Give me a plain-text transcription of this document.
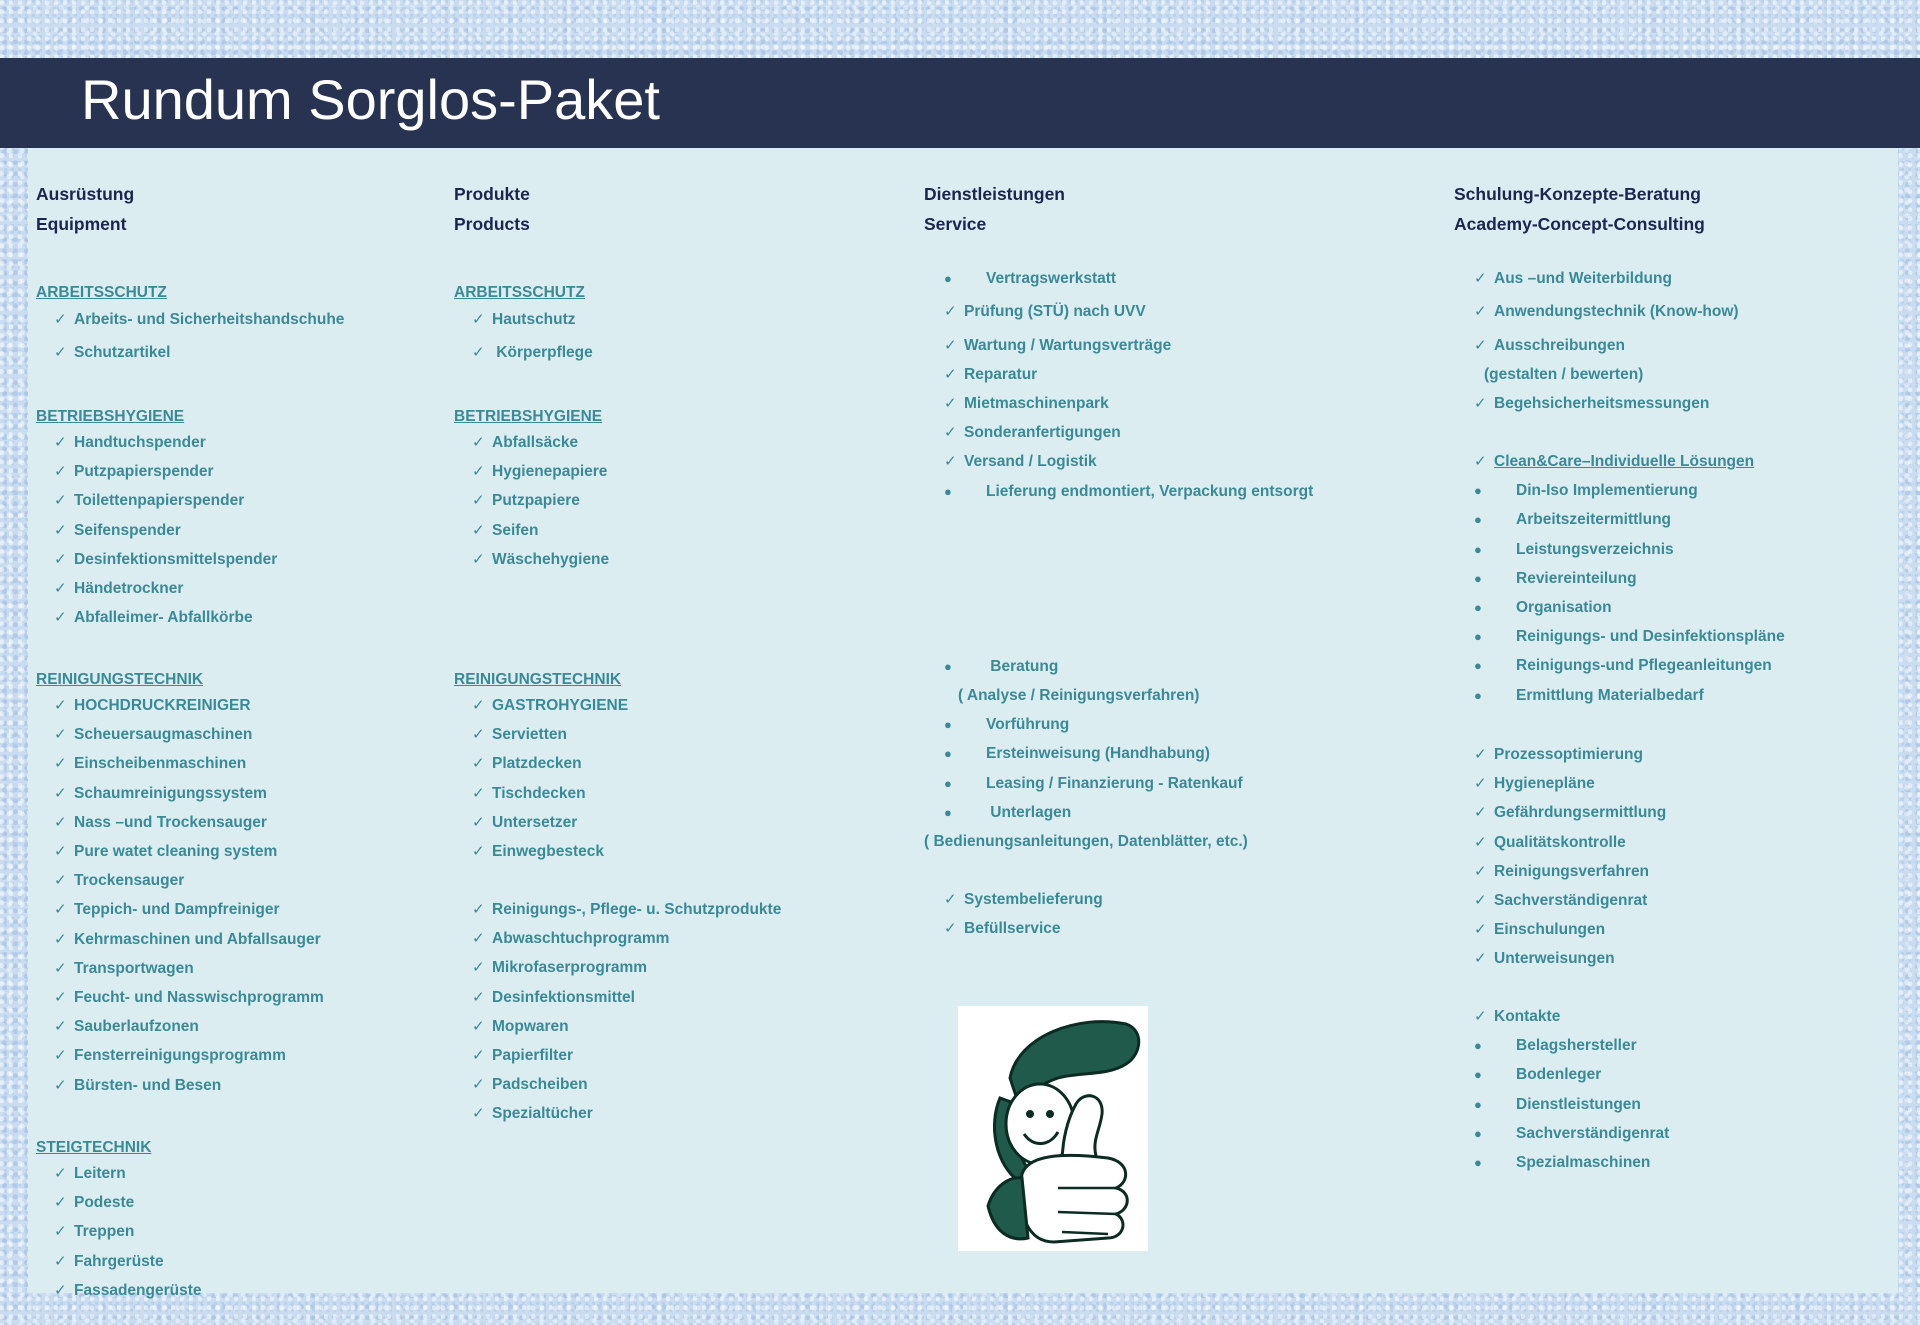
Rundum Sorglos-Paket
Ausrüstung
Equipment
Produkte
Products
Dienstleistungen
Service
Schulung-Konzepte-Beratung
Academy-Concept-Consulting
ARBEITSSCHUTZ
✓ Arbeits- und Sicherheitshandschuhe
✓ Schutzartikel
BETRIEBSHYGIENE
✓ Handtuchspender
✓ Putzpapierspender
✓ Toilettenpapierspender
✓ Seifenspender
✓ Desinfektionsmittelspender
✓ Händetrockner
✓ Abfalleimer- Abfallkörbe
REINIGUNGSTECHNIK
✓ HOCHDRUCKREINIGER
✓ Scheuersaugmaschinen
✓ Einscheibenmaschinen
✓ Schaumreinigungssystem
✓ Nass –und Trockensauger
✓ Pure watet cleaning system
✓ Trockensauger
✓ Teppich- und Dampfreiniger
✓ Kehrmaschinen und Abfallsauger
✓ Transportwagen
✓ Feucht- und Nasswischprogramm
✓ Sauberlaufzonen
✓ Fensterreinigungsprogramm
✓ Bürsten- und Besen
STEIGTECHNIK
✓ Leitern
✓ Podeste
✓ Treppen
✓ Fahrgerüste
✓ Fassadengerüste
ARBEITSSCHUTZ
✓ Hautschutz
✓ Körperpflege
BETRIEBSHYGIENE
✓ Abfallsäcke
✓ Hygienepapiere
✓ Putzpapiere
✓ Seifen
✓ Wäschehygiene
REINIGUNGSTECHNIK
✓ GASTROHYGIENE
✓ Servietten
✓ Platzdecken
✓ Tischdecken
✓ Untersetzer
✓ Einwegbesteck
✓ Reinigungs-, Pflege- u. Schutzprodukte
✓ Abwaschtuchprogramm
✓ Mikrofaserprogramm
✓ Desinfektionsmittel
✓ Mopwaren
✓ Papierfilter
✓ Padscheiben
✓ Spezialtücher
● Vertragswerkstatt
✓ Prüfung (STÜ) nach UVV
✓ Wartung / Wartungsverträge
✓ Reparatur
✓ Mietmaschinenpark
✓ Sonderanfertigungen
✓ Versand / Logistik
● Lieferung endmontiert, Verpackung entsorgt
● Beratung
( Analyse / Reinigungsverfahren)
● Vorführung
● Ersteinweisung (Handhabung)
● Leasing / Finanzierung - Ratenkauf
● Unterlagen
( Bedienungsanleitungen, Datenblätter, etc.)
✓ Systembelieferung
✓ Befüllservice
✓ Aus –und Weiterbildung
✓ Anwendungstechnik (Know-how)
✓ Ausschreibungen
(gestalten / bewerten)
✓ Begehsicherheitsmessungen
✓ Clean&Care–Individuelle Lösungen
● Din-Iso Implementierung
● Arbeitszeitermittlung
● Leistungsverzeichnis
● Reviereinteilung
● Organisation
● Reinigungs- und Desinfektionspläne
● Reinigungs-und Pflegeanleitungen
● Ermittlung Materialbedarf
✓ Prozessoptimierung
✓ Hygienepläne
✓ Gefährdungsermittlung
✓ Qualitätskontrolle
✓ Reinigungsverfahren
✓ Sachverständigenrat
✓ Einschulungen
✓ Unterweisungen
✓ Kontakte
● Belagshersteller
● Bodenleger
● Dienstleistungen
● Sachverständigenrat
● Spezialmaschinen
